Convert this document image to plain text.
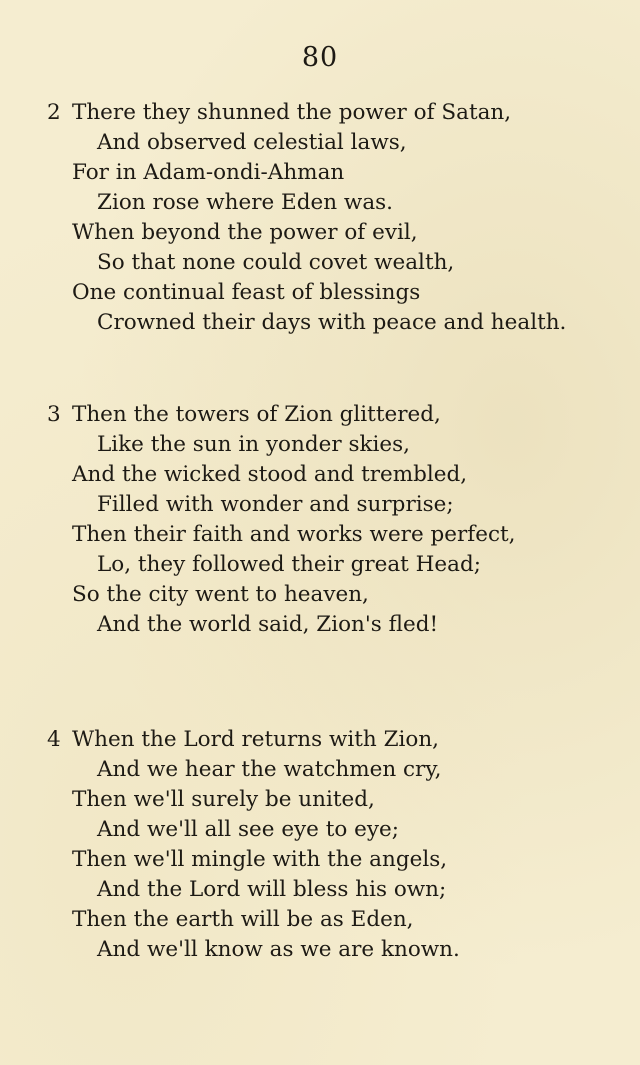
80
2 There they shunned the power of Satan,
And observed celestial laws,
For in Adam-ondi-Ahman
Zion rose where Eden was.
When beyond the power of evil,
So that none could covet wealth,
One continual feast of blessings
Crowned their days with peace and health.
3 Then the towers of Zion glittered,
Like the sun in yonder skies,
And the wicked stood and trembled,
Filled with wonder and surprise;
Then their faith and works were perfect,
Lo, they followed their great Head;
So the city went to heaven,
And the world said, Zion's fled!
4 When the Lord returns with Zion,
And we hear the watchmen cry,
Then we'll surely be united,
And we'll all see eye to eye;
Then we'll mingle with the angels,
And the Lord will bless his own;
Then the earth will be as Eden,
And we'll know as we are known.
